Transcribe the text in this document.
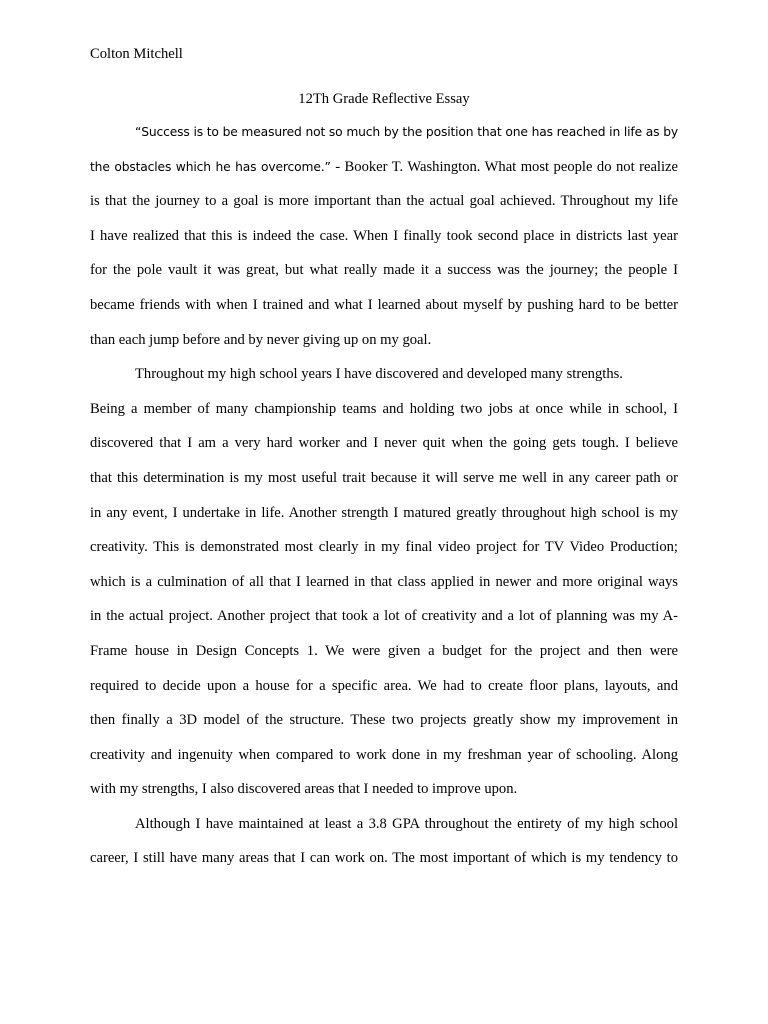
Colton Mitchell
12Th Grade Reflective Essay
“Success is to be measured not so much by the position that one has reached in life as by
the obstacles which he has overcome.” - Booker T. Washington. What most people do not realize
is that the journey to a goal is more important than the actual goal achieved. Throughout my life
I have realized that this is indeed the case. When I finally took second place in districts last year
for the pole vault it was great, but what really made it a success was the journey; the people I
became friends with when I trained and what I learned about myself by pushing hard to be better
than each jump before and by never giving up on my goal.
Throughout my high school years I have discovered and developed many strengths.
Being a member of many championship teams and holding two jobs at once while in school, I
discovered that I am a very hard worker and I never quit when the going gets tough. I believe
that this determination is my most useful trait because it will serve me well in any career path or
in any event, I undertake in life. Another strength I matured greatly throughout high school is my
creativity. This is demonstrated most clearly in my final video project for TV Video Production;
which is a culmination of all that I learned in that class applied in newer and more original ways
in the actual project. Another project that took a lot of creativity and a lot of planning was my A-
Frame house in Design Concepts 1. We were given a budget for the project and then were
required to decide upon a house for a specific area. We had to create floor plans, layouts, and
then finally a 3D model of the structure. These two projects greatly show my improvement in
creativity and ingenuity when compared to work done in my freshman year of schooling. Along
with my strengths, I also discovered areas that I needed to improve upon.
Although I have maintained at least a 3.8 GPA throughout the entirety of my high school
career, I still have many areas that I can work on. The most important of which is my tendency to
